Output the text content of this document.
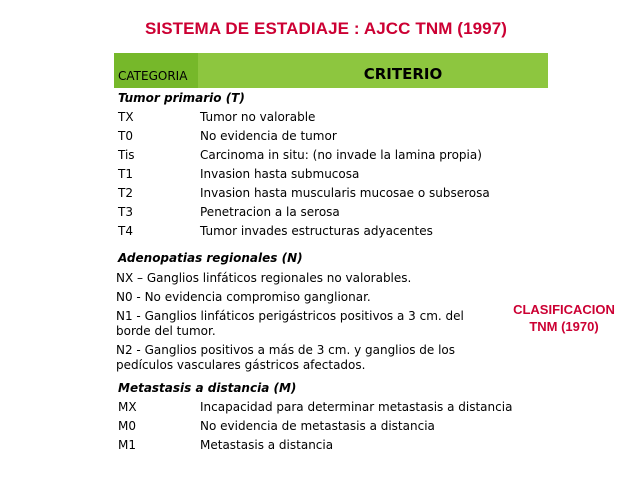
SISTEMA DE ESTADIAJE : AJCC TNM (1997)
CATEGORIA	CRITERIO
Tumor primario (T)
TX	Tumor no valorable
T0	No evidencia de tumor
Tis	Carcinoma in situ: (no invade la lamina propia)
T1	Invasion hasta submucosa
T2	Invasion hasta muscularis mucosae o subserosa
T3	Penetracion a la serosa
T4	Tumor invades estructuras adyacentes
Adenopatias regionales (N)
NX – Ganglios linfáticos regionales no valorables.
N0 - No evidencia compromiso ganglionar.
N1 - Ganglios linfáticos perigástricos positivos a 3 cm. del borde del tumor.
N2 - Ganglios positivos a más de 3 cm. y ganglios de los pedículos vasculares gástricos afectados.
Metastasis a distancia (M)
MX	Incapacidad para determinar metastasis a distancia
M0	No evidencia de metastasis a distancia
M1	Metastasis a distancia
CLASIFICACION
TNM (1970)
